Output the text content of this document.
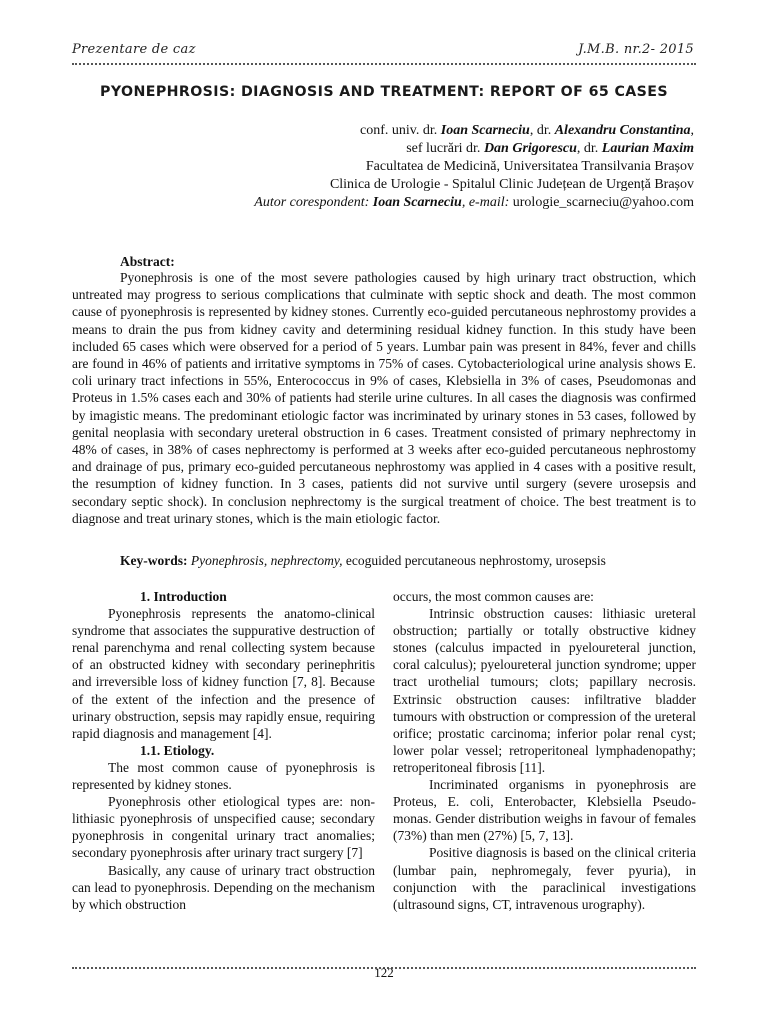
Prezentare de caz	J.M.B. nr.2- 2015
PYONEPHROSIS: DIAGNOSIS AND TREATMENT: REPORT OF 65 CASES
conf. univ. dr. Ioan Scarneciu, dr. Alexandru Constantina,
sef lucrări dr. Dan Grigorescu, dr. Laurian Maxim
Facultatea de Medicină, Universitatea Transilvania Brașov
Clinica de Urologie - Spitalul Clinic Județean de Urgență Brașov
Autor corespondent: Ioan Scarneciu, e-mail: urologie_scarneciu@yahoo.com
Abstract:

Pyonephrosis is one of the most severe pathologies caused by high urinary tract obstruction, which untreated may progress to serious complications that culminate with septic shock and death. The most common cause of pyonephrosis is represented by kidney stones. Currently eco-guided percutaneous nephrostomy provides a means to drain the pus from kidney cavity and determining residual kidney function. In this study have been included 65 cases which were observed for a period of 5 years. Lumbar pain was present in 84%, fever and chills are found in 46% of patients and irritative symptoms in 75% of cases. Cytobacteriological urine analysis shows E. coli urinary tract infections in 55%, Enterococcus in 9% of cases, Klebsiella in 3% of cases, Pseudomonas and Proteus in 1.5% cases each and 30% of patients had sterile urine cultures. In all cases the diagnosis was confirmed by imagistic means. The predominant etiologic factor was incriminated by urinary stones in 53 cases, followed by genital neoplasia with secondary ureteral obstruction in 6 cases. Treatment consisted of primary nephrectomy in 48% of cases, in 38% of cases nephrectomy is performed at 3 weeks after eco-guided percutaneous nephrostomy and drainage of pus, primary eco-guided percutaneous nephrostomy was applied in 4 cases with a positive result, the resumption of kidney function. In 3 cases, patients did not survive until surgery (severe urosepsis and secondary septic shock). In conclusion nephrectomy is the surgical treatment of choice. The best treatment is to diagnose and treat urinary stones, which is the main etiologic factor.

Key-words: Pyonephrosis, nephrectomy, ecoguided percutaneous nephrostomy, urosepsis
1. Introduction

Pyonephrosis represents the anatomo-clinical syndrome that associates the suppurative destruction of renal parenchyma and renal collecting system because of an obstructed kidney with secondary perinephritis and irreversible loss of kidney function [7, 8]. Because of the extent of the infection and the presence of urinary obstruction, sepsis may rapidly ensue, requiring rapid diagnosis and management [4].

1.1. Etiology.

The most common cause of pyonephrosis is represented by kidney stones.

Pyonephrosis other etiological types are: non-lithiasic pyonephrosis of unspecified cause; secondary pyonephrosis in congenital urinary tract anomalies; secondary pyonephrosis after urinary tract surgery [7]

Basically, any cause of urinary tract obstruction can lead to pyonephrosis. Depending on the mechanism by which obstruction

occurs, the most common causes are:

Intrinsic obstruction causes: lithiasic ureteral obstruction; partially or totally obstructive kidney stones (calculus impacted in pyeloureteral junction, coral calculus); pyeloureteral junction syndrome; upper tract urothelial tumours; clots; papillary necrosis. Extrinsic obstruction causes: infiltrative bladder tumours with obstruction or compression of the ureteral orifice; prostatic carcinoma; inferior polar renal cyst; lower polar vessel; retroperitoneal lymphadenopathy; retroperitoneal fibrosis [11].

Incriminated organisms in pyonephrosis are Proteus, E. coli, Enterobacter, Klebsiella Pseudo-monas. Gender distribution weighs in favour of females (73%) than men (27%) [5, 7, 13].

Positive diagnosis is based on the clinical criteria (lumbar pain, nephromegaly, fever pyuria), in conjunction with the paraclinical investigations (ultrasound signs, CT, intravenous urography).

122
